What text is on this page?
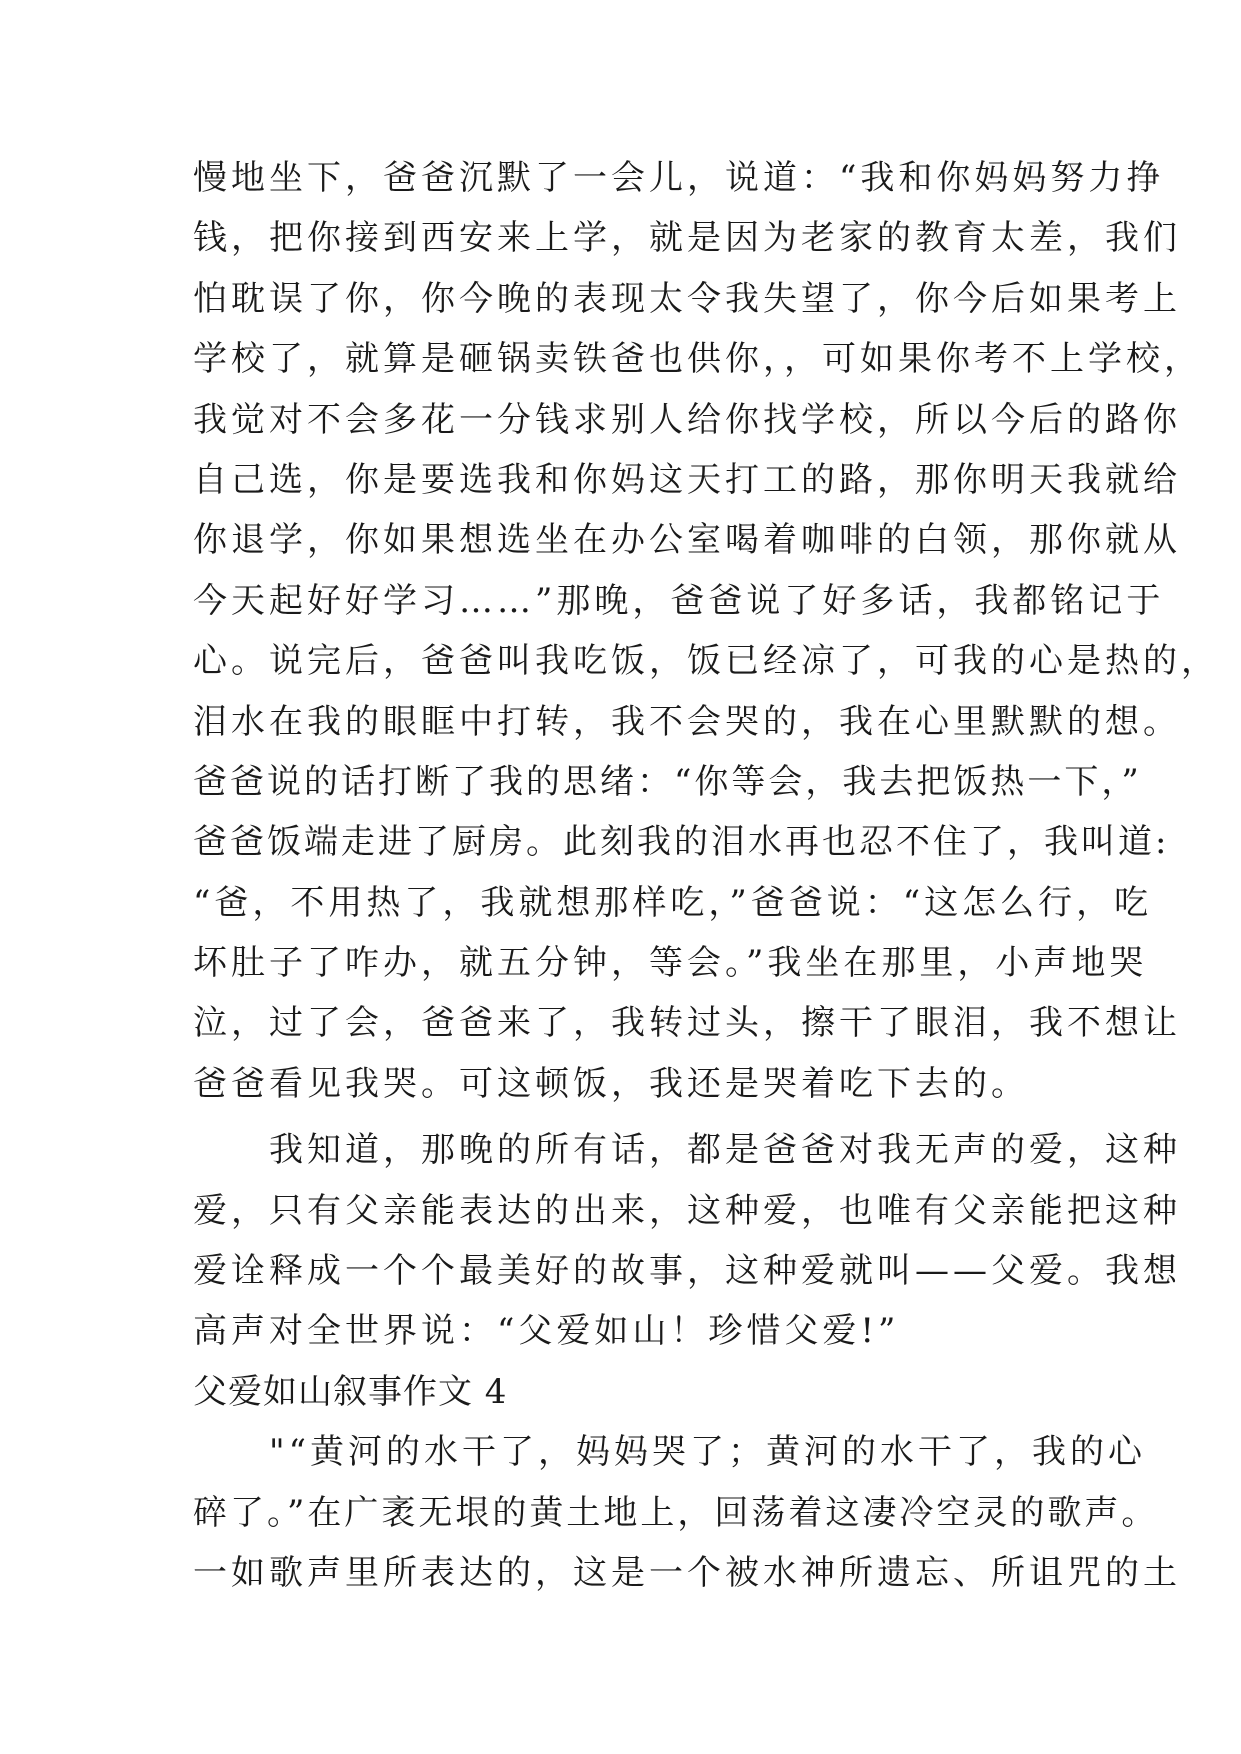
慢地坐下，爸爸沉默了一会儿，说道：“我和你妈妈努力挣
钱，把你接到西安来上学，就是因为老家的教育太差，我们
怕耽误了你，你今晚的表现太令我失望了，你今后如果考上
学校了，就算是砸锅卖铁爸也供你，，可如果你考不上学校，
我觉对不会多花一分钱求别人给你找学校，所以今后的路你
自己选，你是要选我和你妈这天打工的路，那你明天我就给
你退学，你如果想选坐在办公室喝着咖啡的白领，那你就从
今天起好好学习……”那晚，爸爸说了好多话，我都铭记于
心。说完后，爸爸叫我吃饭，饭已经凉了，可我的心是热的，
泪水在我的眼眶中打转，我不会哭的，我在心里默默的想。
爸爸说的话打断了我的思绪：“你等会，我去把饭热一下，”
爸爸饭端走进了厨房。此刻我的泪水再也忍不住了，我叫道:
“爸，不用热了，我就想那样吃，”爸爸说：“这怎么行，吃
坏肚子了咋办，就五分钟，等会。”我坐在那里，小声地哭
泣，过了会，爸爸来了，我转过头，擦干了眼泪，我不想让
爸爸看见我哭。可这顿饭，我还是哭着吃下去的。
　　我知道，那晚的所有话，都是爸爸对我无声的爱，这种
爱，只有父亲能表达的出来，这种爱，也唯有父亲能把这种
爱诠释成一个个最美好的故事，这种爱就叫——父爱。我想
高声对全世界说：“父爱如山！珍惜父爱!”
父爱如山叙事作文 4
　　"“黄河的水干了，妈妈哭了；黄河的水干了，我的心
碎了。”在广袤无垠的黄土地上，回荡着这凄冷空灵的歌声。
一如歌声里所表达的，这是一个被水神所遗忘、所诅咒的土
